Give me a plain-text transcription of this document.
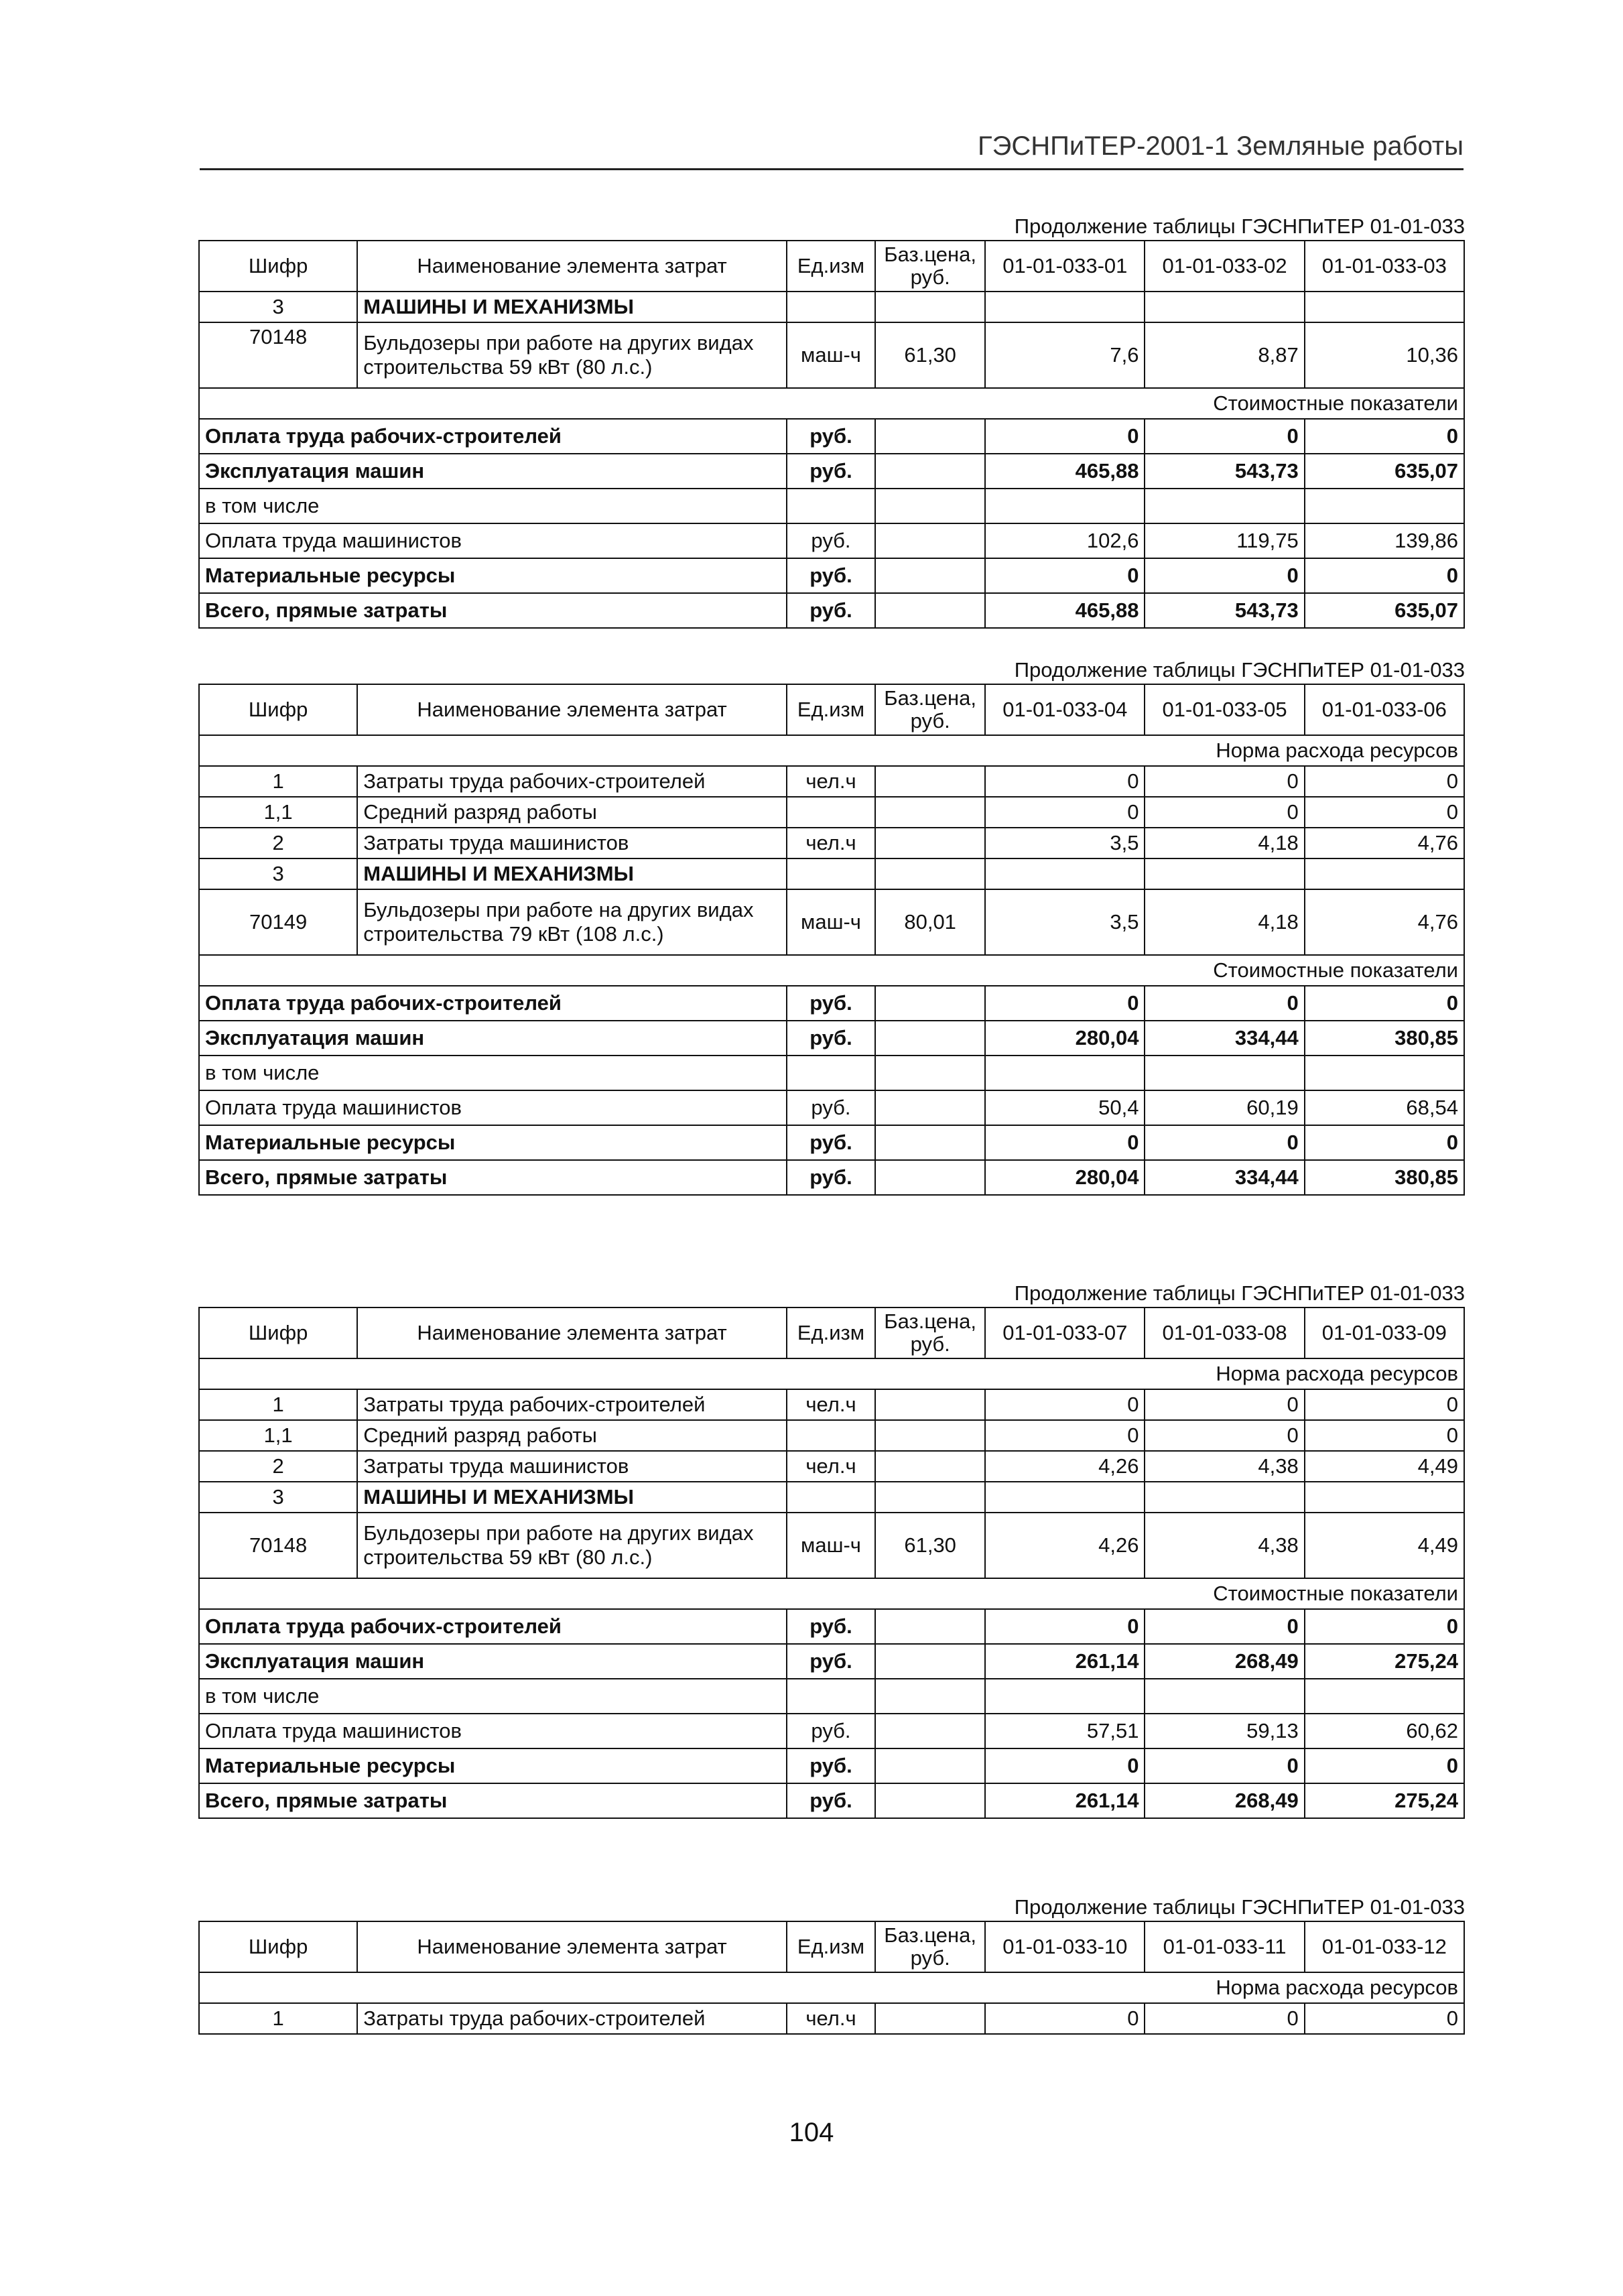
ГЭСНПиТЕР-2001-1 Земляные работы
Продолжение таблицы ГЭСНПиТЕР 01-01-033
Шифр	Наименование элемента затрат	Ед.изм	Баз.цена, руб.	01-01-033-01	01-01-033-02	01-01-033-03
3	МАШИНЫ И МЕХАНИЗМЫ					
70148	Бульдозеры при работе на других видах строительства 59 кВт (80 л.с.)	маш-ч	61,30	7,6	8,87	10,36
Стоимостные показатели						
Оплата труда рабочих-строителей		руб.		0	0	0
Эксплуатация машин		руб.		465,88	543,73	635,07
в том числе						
Оплата труда машинистов		руб.		102,6	119,75	139,86
Материальные ресурсы		руб.		0	0	0
Всего, прямые затраты		руб.		465,88	543,73	635,07
Продолжение таблицы ГЭСНПиТЕР 01-01-033
Шифр	Наименование элемента затрат	Ед.изм	Баз.цена, руб.	01-01-033-04	01-01-033-05	01-01-033-06
Норма расхода ресурсов						
1	Затраты труда рабочих-строителей	чел.ч		0	0	0
1,1	Средний разряд работы			0	0	0
2	Затраты труда машинистов	чел.ч		3,5	4,18	4,76
3	МАШИНЫ И МЕХАНИЗМЫ					
70149	Бульдозеры при работе на других видах строительства 79 кВт (108 л.с.)	маш-ч	80,01	3,5	4,18	4,76
Стоимостные показатели						
Оплата труда рабочих-строителей		руб.		0	0	0
Эксплуатация машин		руб.		280,04	334,44	380,85
в том числе						
Оплата труда машинистов		руб.		50,4	60,19	68,54
Материальные ресурсы		руб.		0	0	0
Всего, прямые затраты		руб.		280,04	334,44	380,85
Продолжение таблицы ГЭСНПиТЕР 01-01-033
Шифр	Наименование элемента затрат	Ед.изм	Баз.цена, руб.	01-01-033-07	01-01-033-08	01-01-033-09
Норма расхода ресурсов						
1	Затраты труда рабочих-строителей	чел.ч		0	0	0
1,1	Средний разряд работы			0	0	0
2	Затраты труда машинистов	чел.ч		4,26	4,38	4,49
3	МАШИНЫ И МЕХАНИЗМЫ					
70148	Бульдозеры при работе на других видах строительства 59 кВт (80 л.с.)	маш-ч	61,30	4,26	4,38	4,49
Стоимостные показатели						
Оплата труда рабочих-строителей		руб.		0	0	0
Эксплуатация машин		руб.		261,14	268,49	275,24
в том числе						
Оплата труда машинистов		руб.		57,51	59,13	60,62
Материальные ресурсы		руб.		0	0	0
Всего, прямые затраты		руб.		261,14	268,49	275,24
Продолжение таблицы ГЭСНПиТЕР 01-01-033
Шифр	Наименование элемента затрат	Ед.изм	Баз.цена, руб.	01-01-033-10	01-01-033-11	01-01-033-12
Норма расхода ресурсов						
1	Затраты труда рабочих-строителей	чел.ч		0	0	0
104
